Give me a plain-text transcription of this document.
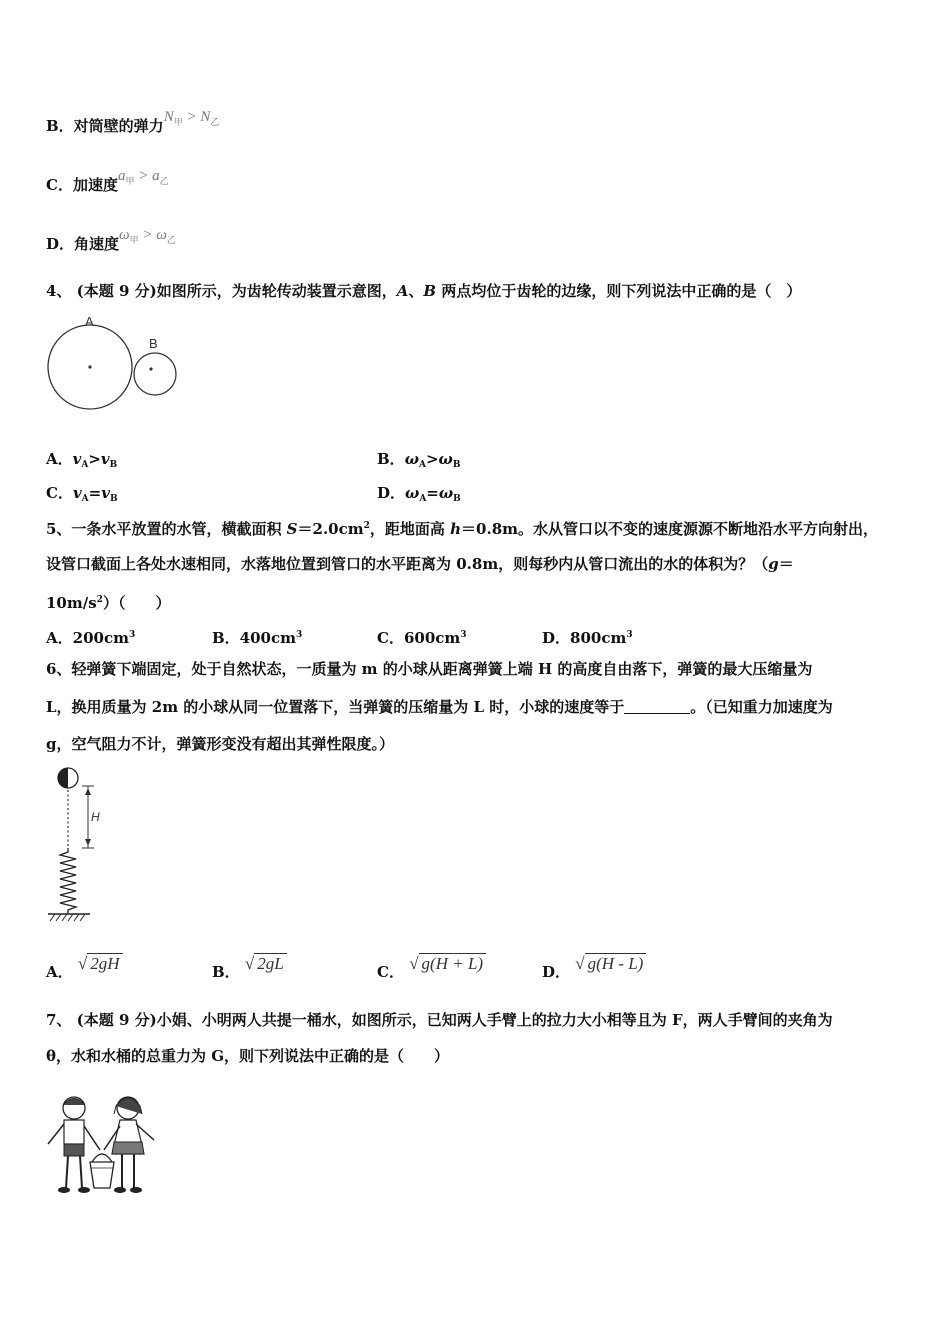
B．对筒壁的弹力$N_甲 > N_乙$
C．加速度$a_甲 > a_乙$
D．角速度$\omega_甲 > \omega_乙$
4、 (本题 9 分)如图所示，为齿轮传动装置示意图，A、B 两点均位于齿轮的边缘，则下列说法中正确的是（　）
A
B
A．$v_A>v_B$	B．$\omega_A>\omega_B$
C．$v_A=v_B$	D．$\omega_A=\omega_B$
5、一条水平放置的水管，横截面积 $S=2.0cm^2$，距地面高 h＝0.8m。水从管口以不变的速度源源不断地沿水平方向射出，
设管口截面上各处水速相同，水落地位置到管口的水平距离为 0.8m，则每秒内从管口流出的水的体积为？（g＝
$10m/s^2$）（　　）
A．$200cm^3$	B．$400cm^3$	C．$600cm^3$	D．$800cm^3$
6、轻弹簧下端固定，处于自然状态，一质量为 m 的小球从距离弹簧上端 H 的高度自由落下，弹簧的最大压缩量为
L，换用质量为 2m 的小球从同一位置落下，当弹簧的压缩量为 L 时，小球的速度等于	。（已知重力加速度为
g，空气阻力不计，弹簧形变没有超出其弹性限度。）
H
A． √ 2gH	B． √ 2gL	C． √ g(H + L)	D． √ g(H - L)
7、 (本题 9 分)小娟、小明两人共提一桶水，如图所示，已知两人手臂上的拉力大小相等且为 F，两人手臂间的夹角为
θ，水和水桶的总重力为 G，则下列说法中正确的是（　　）
